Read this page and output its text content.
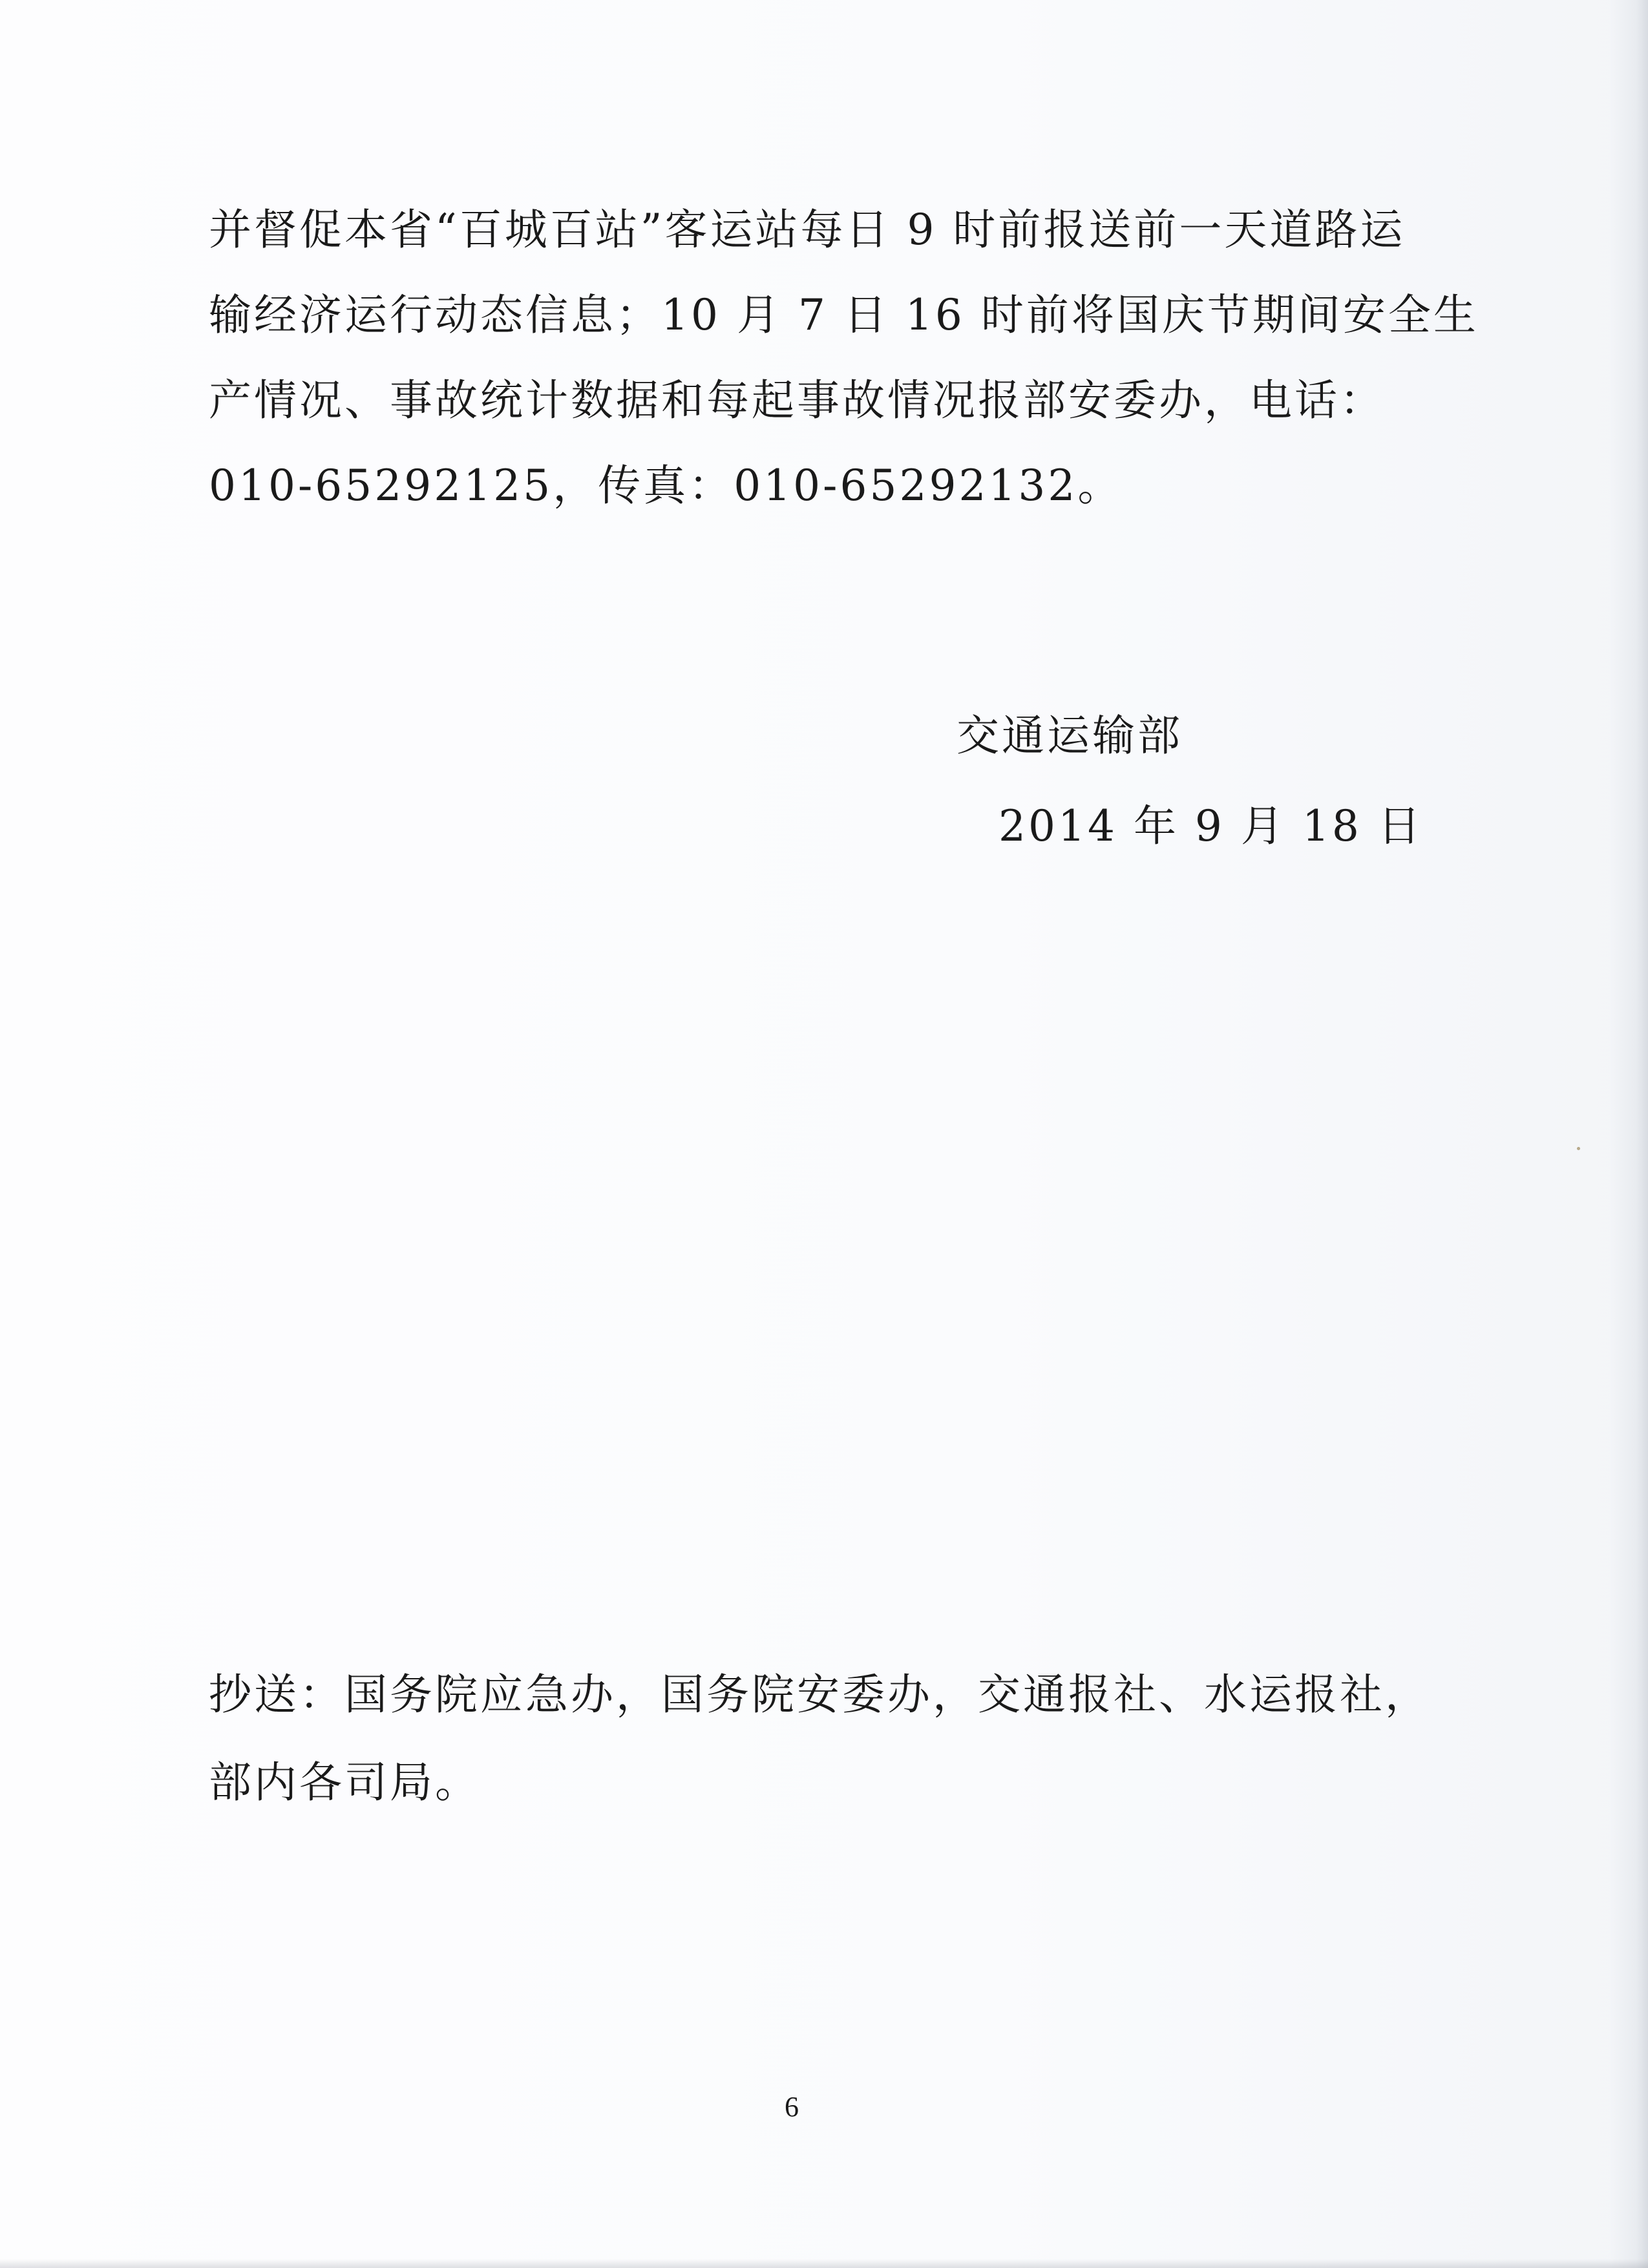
并督促本省“百城百站”客运站每日 9 时前报送前一天道路运
输经济运行动态信息；10 月 7 日 16 时前将国庆节期间安全生
产情况、事故统计数据和每起事故情况报部安委办，电话：
010-65292125，传真：010-65292132。
交通运输部
2014 年 9 月 18 日
抄送：国务院应急办，国务院安委办，交通报社、水运报社，
部内各司局。
6
